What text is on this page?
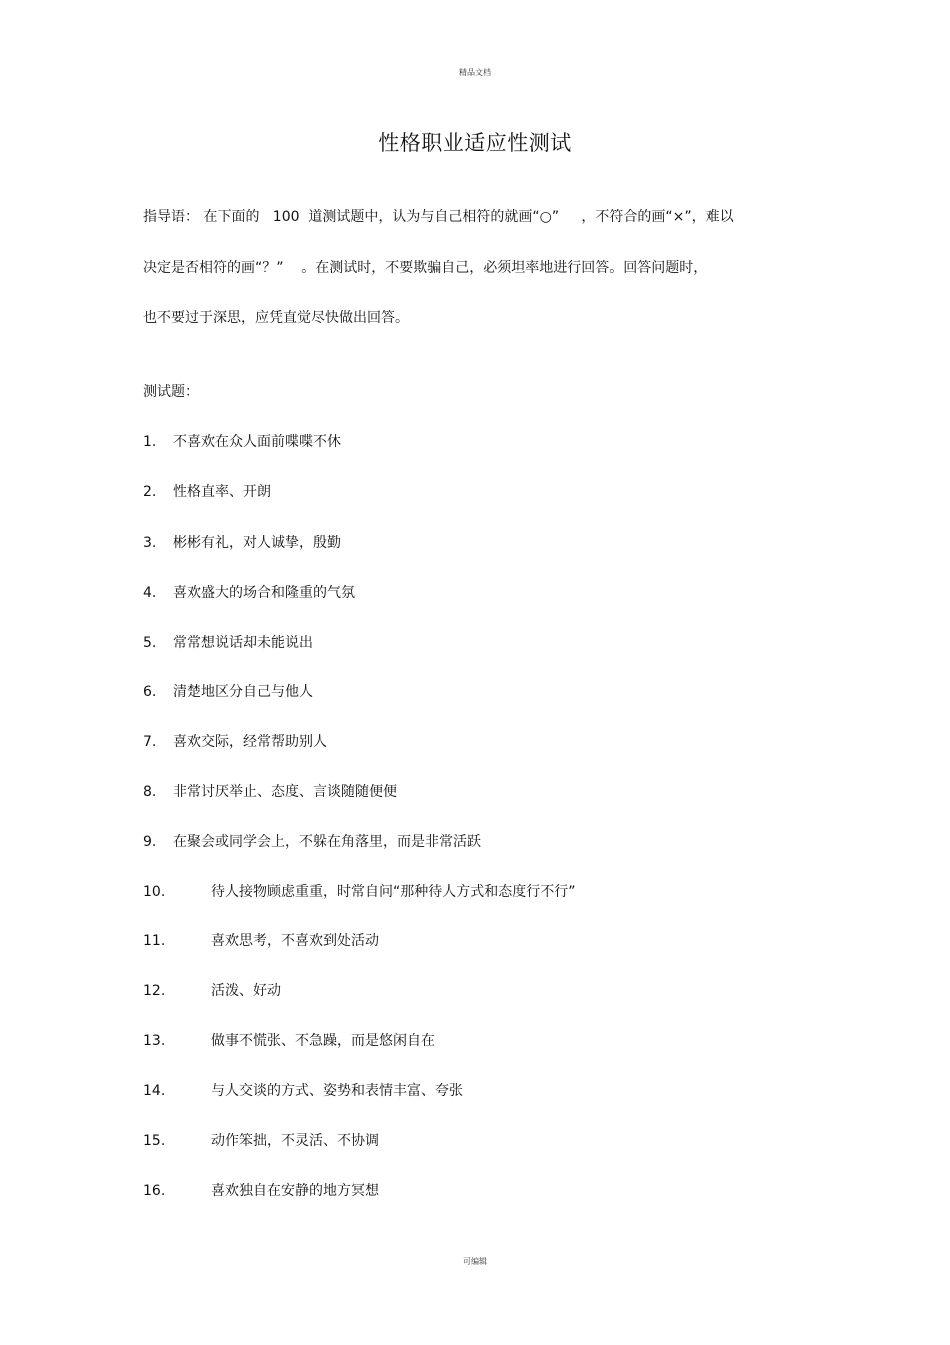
精品文档
性格职业适应性测试
指导语： 在下面的   100  道测试题中，认为与自己相符的就画“○”     ，不符合的画“×”，难以
决定是否相符的画“？”    。在测试时，不要欺骗自己，必须坦率地进行回答。回答问题时，
也不要过于深思，应凭直觉尽快做出回答。
测试题：
1. 不喜欢在众人面前喋喋不休
2. 性格直率、开朗
3. 彬彬有礼，对人诚挚，殷勤
4. 喜欢盛大的场合和隆重的气氛
5. 常常想说话却未能说出
6. 清楚地区分自己与他人
7. 喜欢交际，经常帮助别人
8. 非常讨厌举止、态度、言谈随随便便
9. 在聚会或同学会上，不躲在角落里，而是非常活跃
10.	待人接物顾虑重重，时常自问“那种待人方式和态度行不行”
11.	喜欢思考，不喜欢到处活动
12.	活泼、好动
13.	做事不慌张、不急躁，而是悠闲自在
14.	与人交谈的方式、姿势和表情丰富、夸张
15.	动作笨拙，不灵活、不协调
16.	喜欢独自在安静的地方冥想
可编辑
